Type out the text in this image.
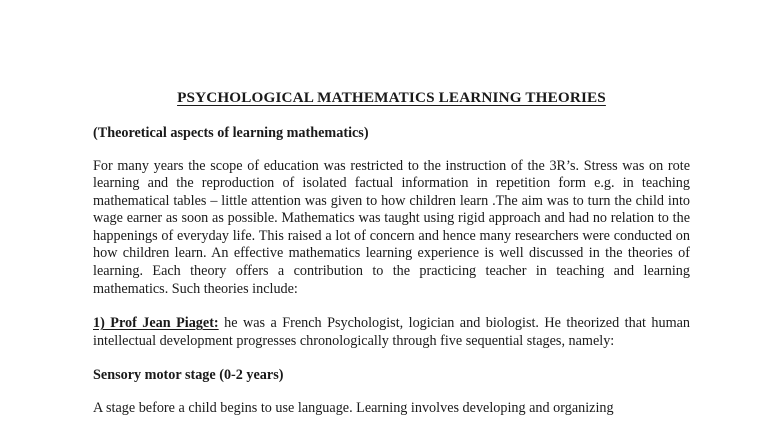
PSYCHOLOGICAL MATHEMATICS LEARNING THEORIES

(Theoretical aspects of learning mathematics)

For many years the scope of education was restricted to the instruction of the 3R’s. Stress was on rote learning and the reproduction of isolated factual information in repetition form e.g. in teaching mathematical tables – little attention was given to how children learn .The aim was to turn the child into wage earner as soon as possible. Mathematics was taught using rigid approach and had no relation to the happenings of everyday life. This raised a lot of concern and hence many researchers were conducted on how children learn. An effective mathematics learning experience is well discussed in the theories of learning. Each theory offers a contribution to the practicing teacher in teaching and learning mathematics. Such theories include:

1) Prof Jean Piaget: he was a French Psychologist, logician and biologist. He theorized that human intellectual development progresses chronologically through five sequential stages, namely:

Sensory motor stage (0-2 years)

A stage before a child begins to use language. Learning involves developing and organizing
